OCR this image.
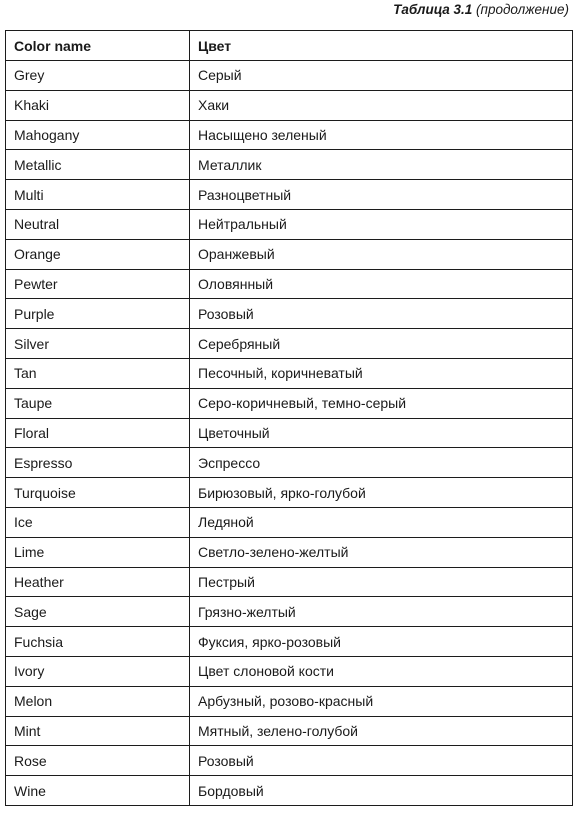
Таблица 3.1 (продолжение)
Color name	Цвет
Grey	Серый
Khaki	Хаки
Mahogany	Насыщено зеленый
Metallic	Металлик
Multi	Разноцветный
Neutral	Нейтральный
Orange	Оранжевый
Pewter	Оловянный
Purple	Розовый
Silver	Серебряный
Tan	Песочный, коричневатый
Taupe	Серо-коричневый, темно-серый
Floral	Цветочный
Espresso	Эспрессо
Turquoise	Бирюзовый, ярко-голубой
Ice	Ледяной
Lime	Светло-зелено-желтый
Heather	Пестрый
Sage	Грязно-желтый
Fuchsia	Фуксия, ярко-розовый
Ivory	Цвет слоновой кости
Melon	Арбузный, розово-красный
Mint	Мятный, зелено-голубой
Rose	Розовый
Wine	Бордовый
